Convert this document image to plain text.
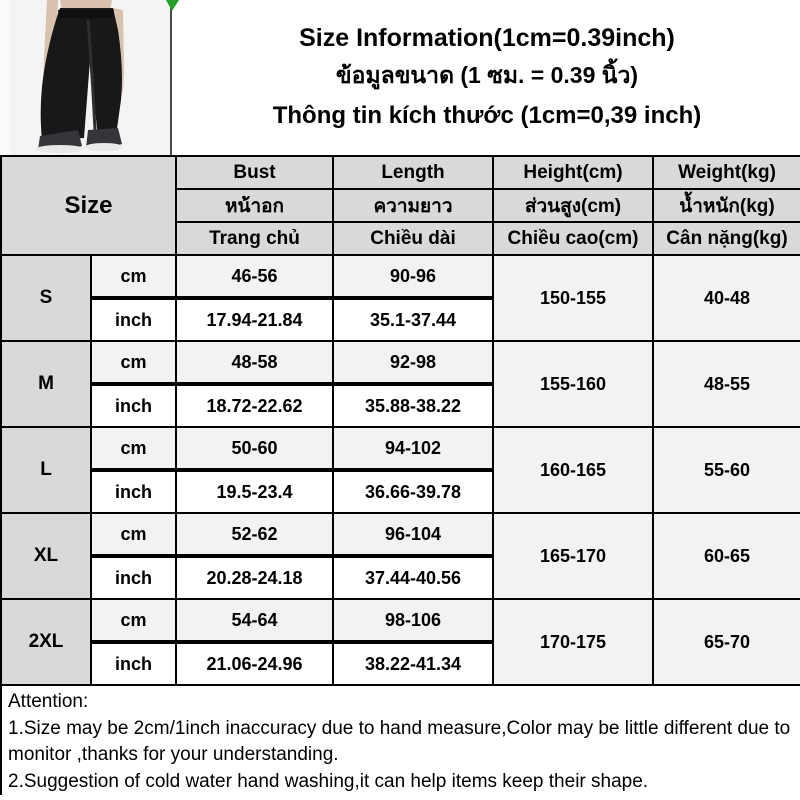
Size Information(1cm=0.39inch)
ข้อมูลขนาด (1 ซม. = 0.39 นิ้ว)
Thông tin kích thước (1cm=0,39 inch)
Size		Bust	Length	Height(cm)	Weight(kg)
		หน้าอก	ความยาว	ส่วนสูง(cm)	น้ำหนัก(kg)
		Trang chủ	Chiều dài	Chiều cao(cm)	Cân nặng(kg)
S	cm	46-56	90-96	150-155	40-48
	inch	17.94-21.84	35.1-37.44		
M	cm	48-58	92-98	155-160	48-55
	inch	18.72-22.62	35.88-38.22		
L	cm	50-60	94-102	160-165	55-60
	inch	19.5-23.4	36.66-39.78		
XL	cm	52-62	96-104	165-170	60-65
	inch	20.28-24.18	37.44-40.56		
2XL	cm	54-64	98-106	170-175	65-70
	inch	21.06-24.96	38.22-41.34		
Attention:
1.Size may be 2cm/1inch inaccuracy due to hand measure,Color may be little different due to
monitor ,thanks for your understanding.
2.Suggestion of cold water hand washing,it can help items keep their shape.
